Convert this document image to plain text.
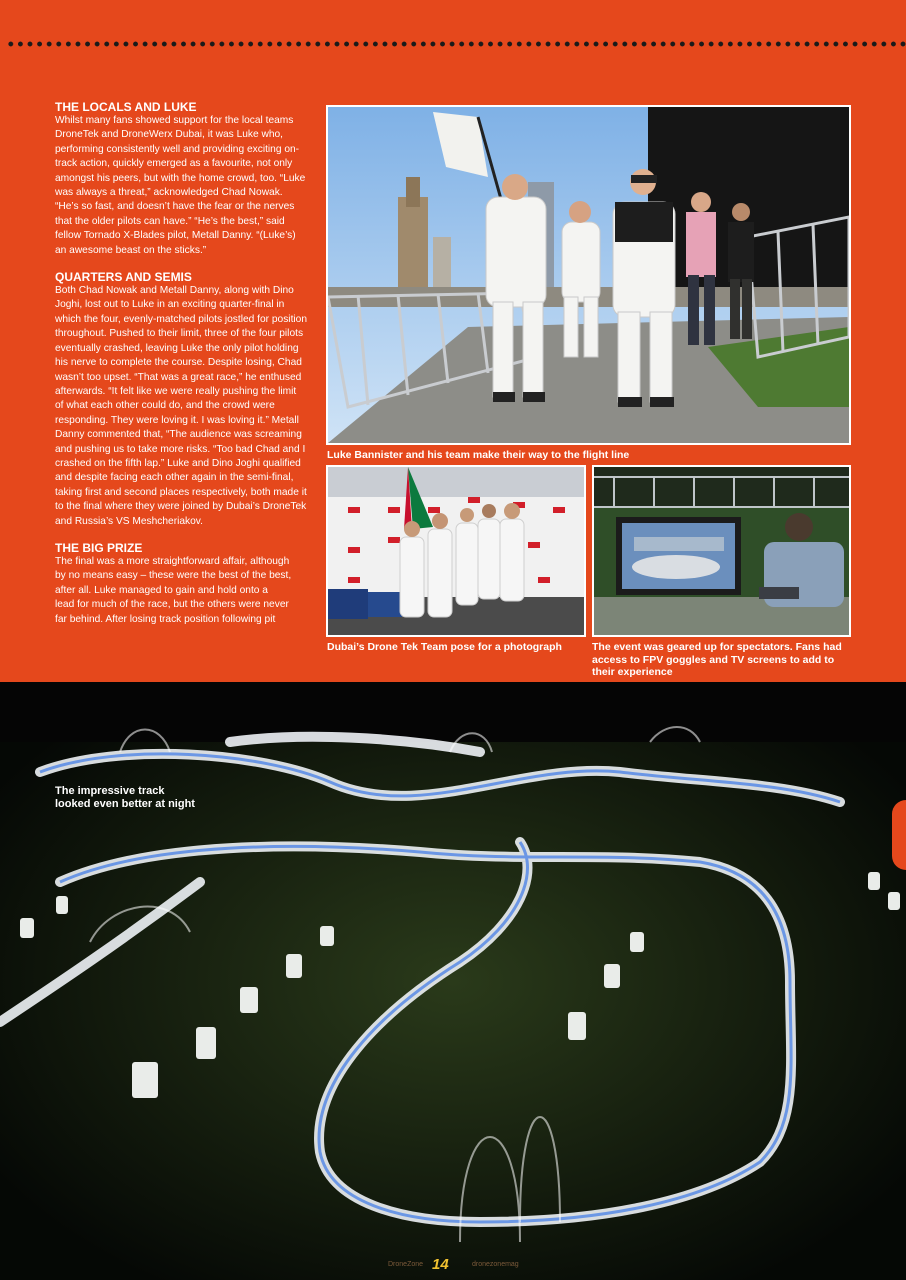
THE LOCALS AND LUKE

Whilst many fans showed support for the local teams
DroneTek and DroneWerx Dubai, it was Luke who,
performing consistently well and providing exciting on-
track action, quickly emerged as a favourite, not only
amongst his peers, but with the home crowd, too. “Luke
was always a threat,” acknowledged Chad Nowak.
“He’s so fast, and doesn’t have the fear or the nerves
that the older pilots can have.” “He’s the best,” said
fellow Tornado X-Blades pilot, Metall Danny. “(Luke’s)
an awesome beast on the sticks.”

QUARTERS AND SEMIS

Both Chad Nowak and Metall Danny, along with Dino
Joghi, lost out to Luke in an exciting quarter-final in
which the four, evenly-matched pilots jostled for position
throughout. Pushed to their limit, three of the four pilots
eventually crashed, leaving Luke the only pilot holding
his nerve to complete the course. Despite losing, Chad
wasn’t too upset. “That was a great race,” he enthused
afterwards. “It felt like we were really pushing the limit
of what each other could do, and the crowd were
responding. They were loving it. I was loving it.” Metall
Danny commented that, “The audience was screaming
and pushing us to take more risks. “Too bad Chad and I
crashed on the fifth lap.” Luke and Dino Joghi qualified
and despite facing each other again in the semi-final,
taking first and second places respectively, both made it
to the final where they were joined by Dubai’s DroneTek
and Russia’s VS Meshcheriakov.

THE BIG PRIZE

The final was a more straightforward affair, although
by no means easy – these were the best of the best,
after all. Luke managed to gain and hold onto a
lead for much of the race, but the others were never
far behind. After losing track position following pit

Luke Bannister and his team make their way to the flight line
Dubai’s Drone Tek Team pose for a photograph	The event was geared up for spectators. Fans had access to FPV goggles and TV screens to add to their experience
The impressive track looked even better at night
DroneZone 14	dronezonemag
